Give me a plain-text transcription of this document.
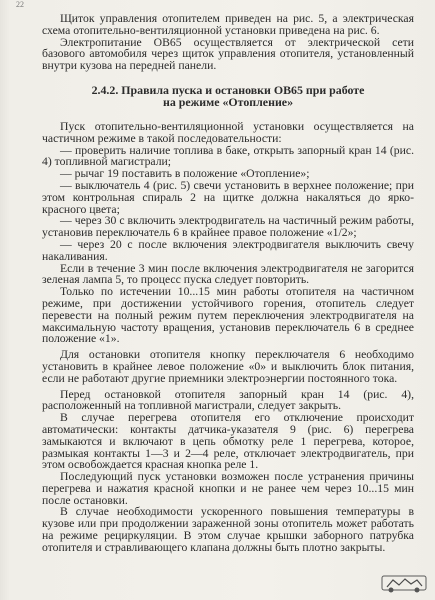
22

Щиток управления отопителем приведен на рис. 5, а электрическая схема отопительно-вентиляционной установки приведена на рис. 6.

Электропитание ОВ65 осуществляется от электрической сети базового автомобиля через щиток управления отопителя, установленный внутри кузова на передней панели.

2.4.2. Правила пуска и остановки ОВ65 при работе
на режиме «Отопление»

Пуск отопительно-вентиляционной установки осуществляется на частичном режиме в такой последовательности:

— проверить наличие топлива в баке, открыть запорный кран 14 (рис. 4) топливной магистрали;

— рычаг 19 поставить в положение «Отопление»;

— выключатель 4 (рис. 5) свечи установить в верхнее положение; при этом контрольная спираль 2 на щитке должна накаляться до ярко-красного цвета;

— через 30 с включить электродвигатель на частичный режим работы, установив переключатель 6 в крайнее правое положение «1/2»;

— через 20 с после включения электродвигателя выключить свечу накаливания.

Если в течение 3 мин после включения электродвигателя не загорится зеленая лампа 5, то процесс пуска следует повторить.

Только по истечении 10...15 мин работы отопителя на частичном режиме, при достижении устойчивого горения, отопитель следует перевести на полный режим путем переключения электродвигателя на максимальную частоту вращения, установив переключатель 6 в среднее положение «1».

Для остановки отопителя кнопку переключателя 6 необходимо установить в крайнее левое положение «0» и выключить блок питания, если не работают другие приемники электроэнергии постоянного тока.

Перед остановкой отопителя запорный кран 14 (рис. 4), расположенный на топливной магистрали, следует закрыть.

В случае перегрева отопителя его отключение происходит автоматически: контакты датчика-указателя 9 (рис. 6) перегрева замыкаются и включают в цепь обмотку реле 1 перегрева, которое, размыкая контакты 1—3 и 2—4 реле, отключает электродвигатель, при этом освобождается красная кнопка реле 1.

Последующий пуск установки возможен после устранения причины перегрева и нажатия красной кнопки и не ранее чем через 10...15 мин после остановки.

В случае необходимости ускоренного повышения температуры в кузове или при продолжении зараженной зоны отопитель может работать на режиме рециркуляции. В этом случае крышки заборного патрубка отопителя и стравливающего клапана должны быть плотно закрыты.
